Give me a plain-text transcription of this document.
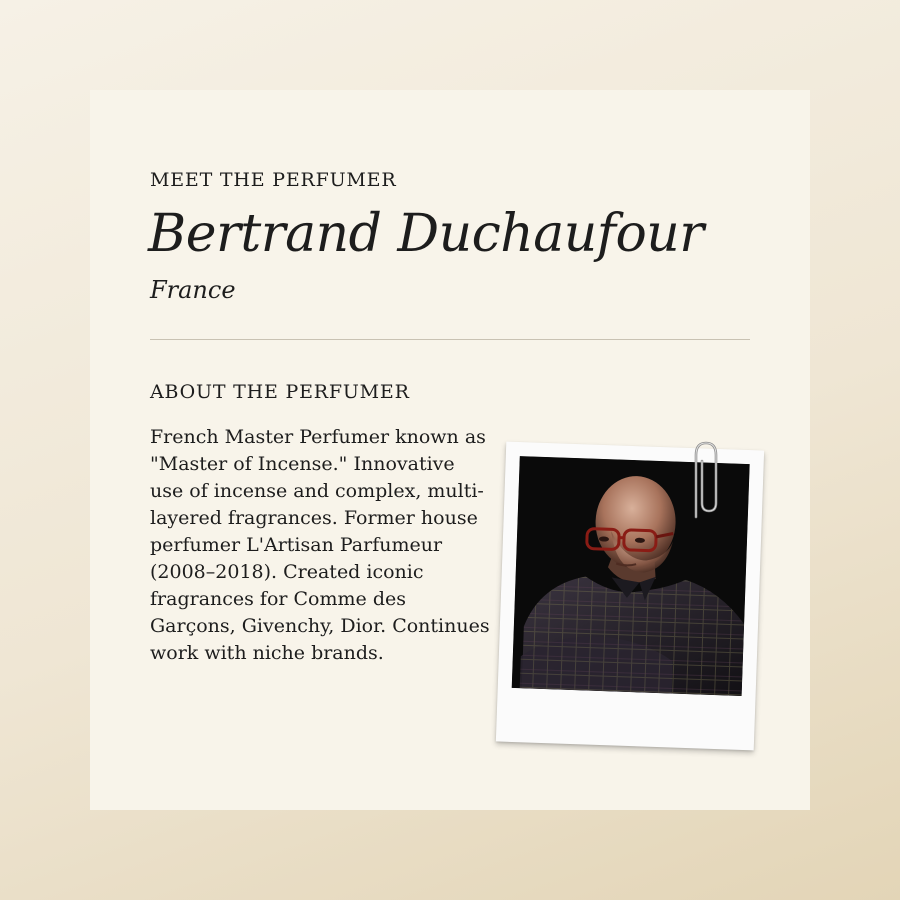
MEET THE PERFUMER
Bertrand Duchaufour
France
ABOUT THE PERFUMER

French Master Perfumer known as "Master of Incense." Innovative use of incense and complex, multi-layered fragrances. Former house perfumer L'Artisan Parfumeur (2008–2018). Created iconic fragrances for Comme des Garçons, Givenchy, Dior. Continues work with niche brands.
